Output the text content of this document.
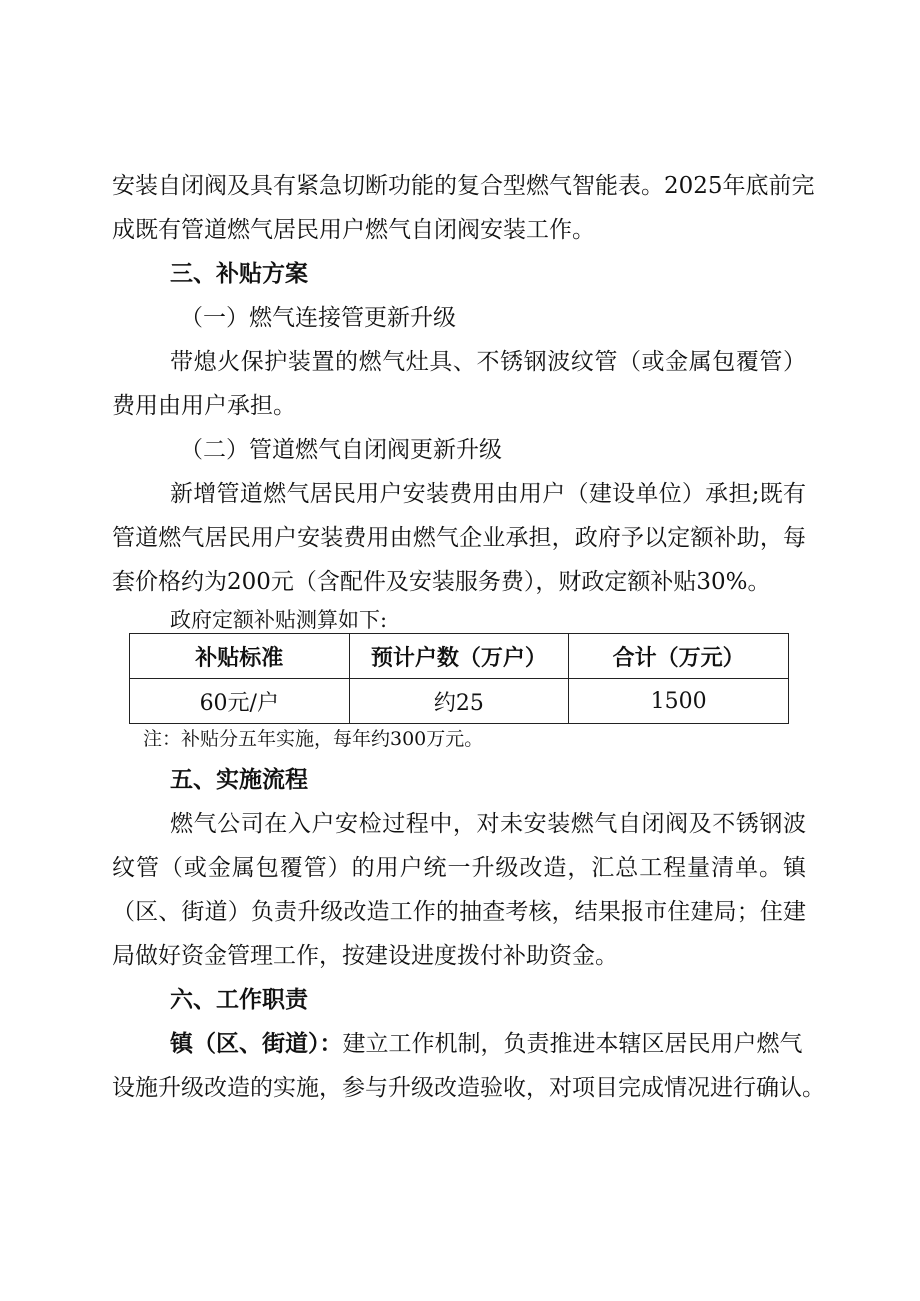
安装自闭阀及具有紧急切断功能的复合型燃气智能表。2025年底前完
成既有管道燃气居民用户燃气自闭阀安装工作。
三、补贴方案
（一）燃气连接管更新升级
带熄火保护装置的燃气灶具、不锈钢波纹管（或金属包覆管）
费用由用户承担。
（二）管道燃气自闭阀更新升级
新增管道燃气居民用户安装费用由用户（建设单位）承担;既有
管道燃气居民用户安装费用由燃气企业承担，政府予以定额补助，每
套价格约为200元（含配件及安装服务费），财政定额补贴30%。
政府定额补贴测算如下:
补贴标准	预计户数（万户）	合计（万元）
60元/户	约25	1500
注：补贴分五年实施，每年约300万元。
五、实施流程
燃气公司在入户安检过程中，对未安装燃气自闭阀及不锈钢波
纹管（或金属包覆管）的用户统一升级改造，汇总工程量清单。镇
（区、街道）负责升级改造工作的抽查考核，结果报市住建局；住建
局做好资金管理工作，按建设进度拨付补助资金。
六、工作职责
镇（区、街道）：建立工作机制，负责推进本辖区居民用户燃气
设施升级改造的实施，参与升级改造验收，对项目完成情况进行确认。
